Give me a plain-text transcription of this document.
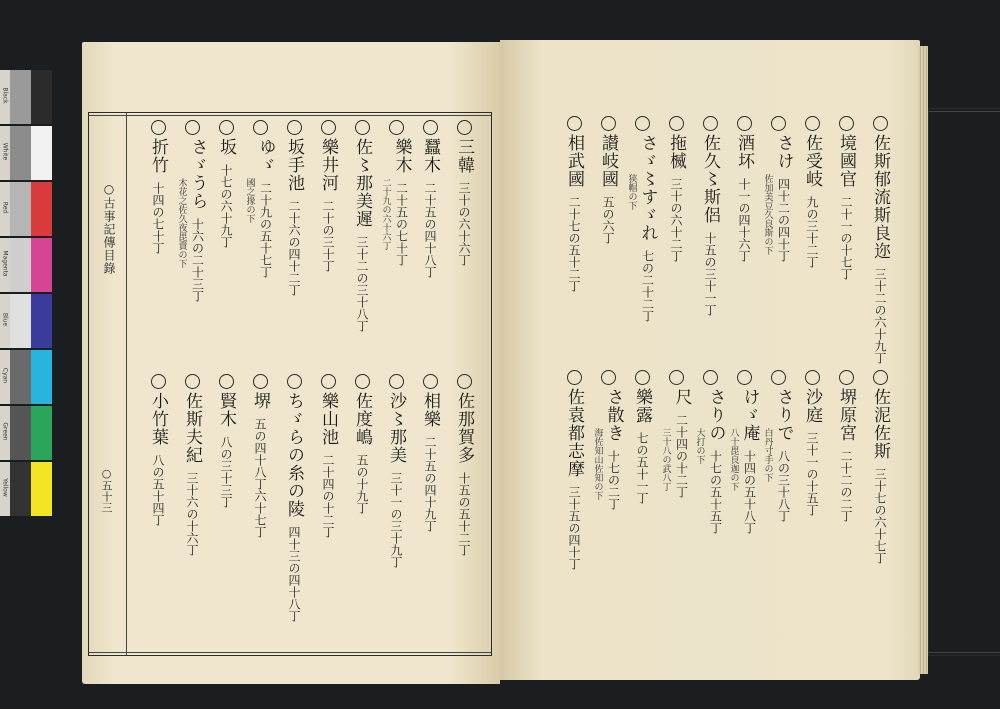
Black
White
Red
Magenta
Blue
Cyan
Green
Yellow
○古事記傳目錄
○五十三
三韓
三十の六十六丁
蠶木
二十五の四十八丁
樂木
二十五の七十丁
二十九の六十六丁
佐〻那美遲
三十二の三十八丁
樂井河
二十の三十丁
坂手池
二十六の四十二丁
ゆゞ
二十九の五十七丁
國之掾の下
坂
十七の六十九丁
さゞうら
十六の二十三丁
木花之佐久夜毘賣の下
折竹
十四の七十丁
佐那賀多
十五の五十二丁
相樂
二十五の四十九丁
沙〻那美
三十一の三十九丁
佐度嶋
五の十九丁
樂山池
二十四の十二丁
ちゞらの糸の陵
四十三の四十八丁
堺
五の四十八丁六十七丁
賢木
八の三十三丁
佐斯夫紀
三十六の十六丁
小竹葉
八の五十四丁
佐斯郁流斯良迩
三十二の六十九丁
境國官
二十一の十七丁
佐受岐
九の三十二丁
さけ
四十二の四十丁
佐加美豆久良斯の下
酒坏
十一の四十六丁
佐久〻斯侶
十五の三十一丁
拖楲
三十の六十二丁
さゞ〻すゞれ
七の二十二丁
狭帽の下
讃岐國
五の六丁
相武國
二十七の五十二丁
佐泥佐斯
三十七の六十七丁
堺原宮
二十二の二丁
沙庭
三十一の十五丁
さりで
八の三十八丁
白丹寸手の下
けゞ庵
十四の五十八丁
八十毘良迦の下
さりの
十七の五十五丁
大打の下
尺
二十四の十二丁
三十八の武八丁
樂露
七の五十一丁
さ散き
十七の二丁
海佐知山佐知の下
佐袁都志摩
三十五の四十丁
